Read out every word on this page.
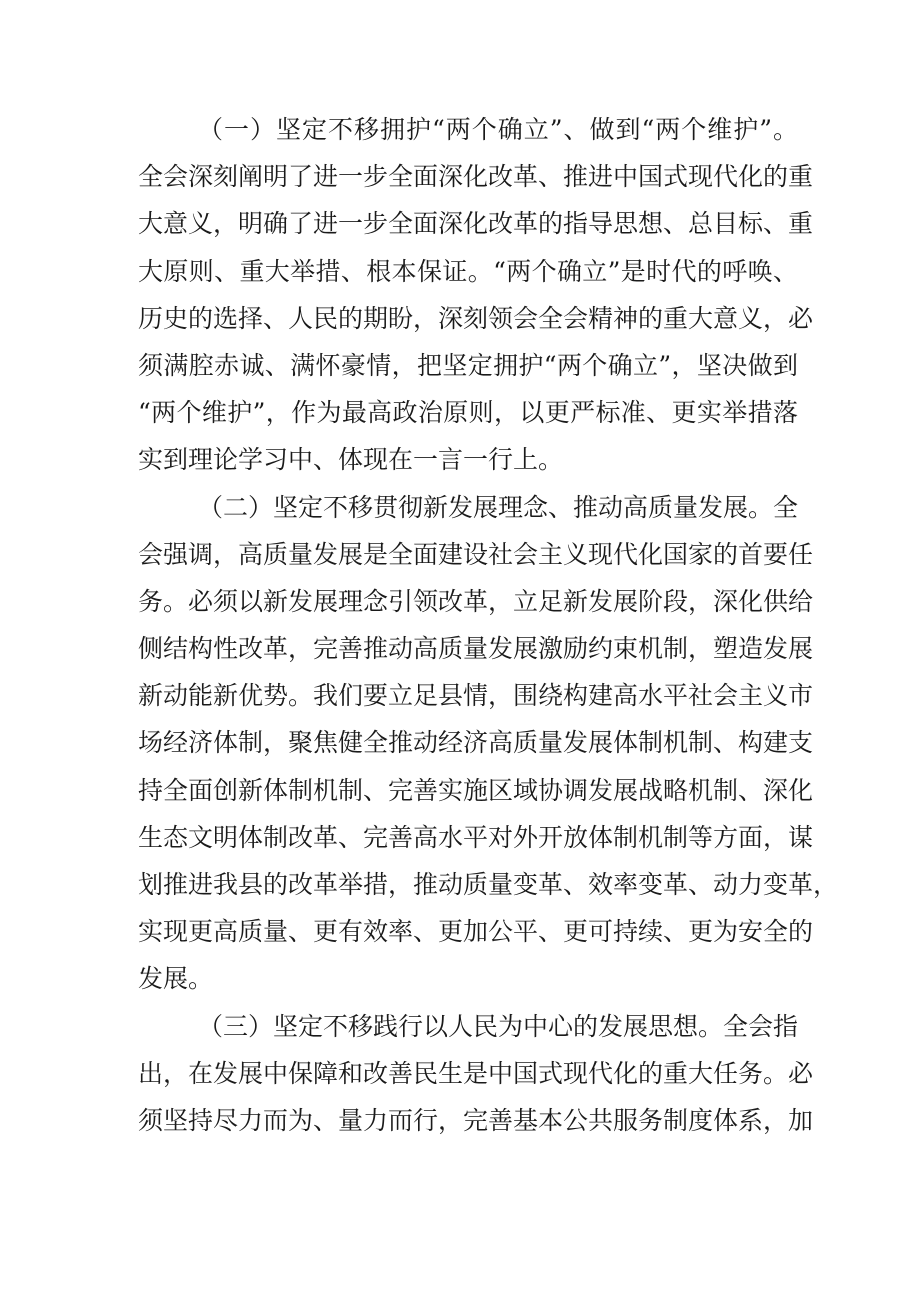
（一）坚定不移拥护“两个确立”、做到“两个维护”。
全会深刻阐明了进一步全面深化改革、推进中国式现代化的重
大意义，明确了进一步全面深化改革的指导思想、总目标、重
大原则、重大举措、根本保证。“两个确立”是时代的呼唤、
历史的选择、人民的期盼，深刻领会全会精神的重大意义，必
须满腔赤诚、满怀豪情，把坚定拥护“两个确立”，坚决做到
“两个维护”，作为最高政治原则，以更严标准、更实举措落
实到理论学习中、体现在一言一行上。
（二）坚定不移贯彻新发展理念、推动高质量发展。全
会强调，高质量发展是全面建设社会主义现代化国家的首要任
务。必须以新发展理念引领改革，立足新发展阶段，深化供给
侧结构性改革，完善推动高质量发展激励约束机制，塑造发展
新动能新优势。我们要立足县情，围绕构建高水平社会主义市
场经济体制，聚焦健全推动经济高质量发展体制机制、构建支
持全面创新体制机制、完善实施区域协调发展战略机制、深化
生态文明体制改革、完善高水平对外开放体制机制等方面，谋
划推进我县的改革举措，推动质量变革、效率变革、动力变革，
实现更高质量、更有效率、更加公平、更可持续、更为安全的
发展。
（三）坚定不移践行以人民为中心的发展思想。全会指
出，在发展中保障和改善民生是中国式现代化的重大任务。必
须坚持尽力而为、量力而行，完善基本公共服务制度体系，加
